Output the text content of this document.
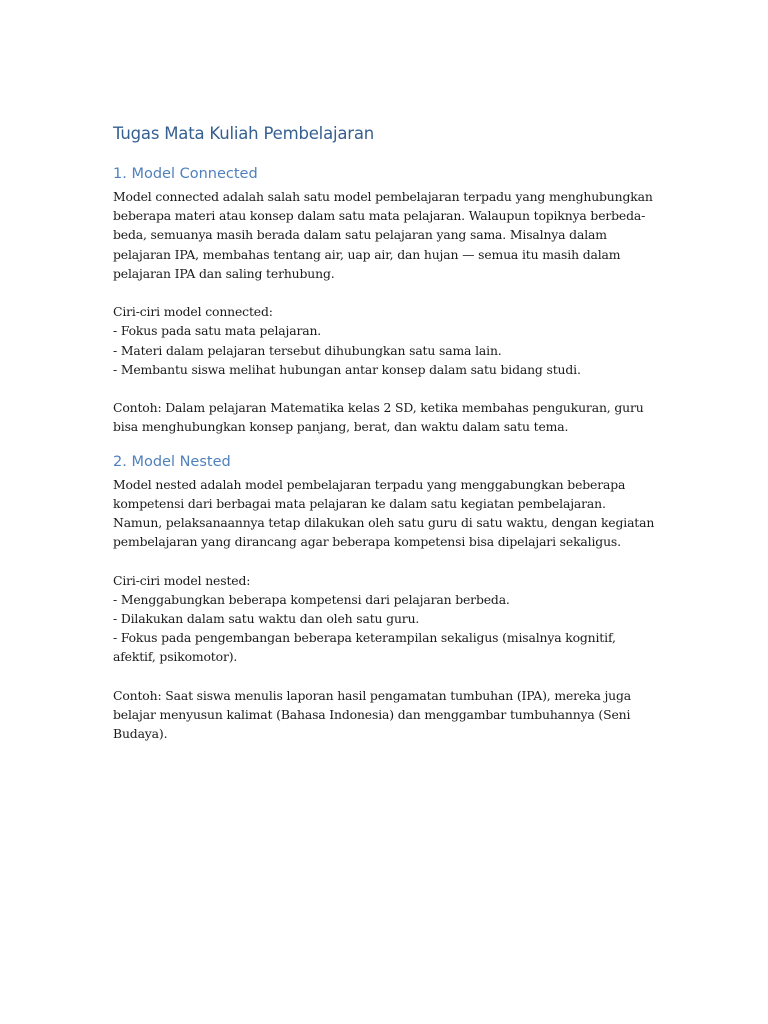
Tugas Mata Kuliah Pembelajaran
1. Model Connected

Model connected adalah salah satu model pembelajaran terpadu yang menghubungkan beberapa materi atau konsep dalam satu mata pelajaran. Walaupun topiknya berbeda-beda, semuanya masih berada dalam satu pelajaran yang sama. Misalnya dalam pelajaran IPA, membahas tentang air, uap air, dan hujan — semua itu masih dalam pelajaran IPA dan saling terhubung.

Ciri-ciri model connected:
- Fokus pada satu mata pelajaran.
- Materi dalam pelajaran tersebut dihubungkan satu sama lain.
- Membantu siswa melihat hubungan antar konsep dalam satu bidang studi.

Contoh: Dalam pelajaran Matematika kelas 2 SD, ketika membahas pengukuran, guru bisa menghubungkan konsep panjang, berat, dan waktu dalam satu tema.

2. Model Nested

Model nested adalah model pembelajaran terpadu yang menggabungkan beberapa kompetensi dari berbagai mata pelajaran ke dalam satu kegiatan pembelajaran. Namun, pelaksanaannya tetap dilakukan oleh satu guru di satu waktu, dengan kegiatan pembelajaran yang dirancang agar beberapa kompetensi bisa dipelajari sekaligus.

Ciri-ciri model nested:
- Menggabungkan beberapa kompetensi dari pelajaran berbeda.
- Dilakukan dalam satu waktu dan oleh satu guru.
- Fokus pada pengembangan beberapa keterampilan sekaligus (misalnya kognitif, afektif, psikomotor).

Contoh: Saat siswa menulis laporan hasil pengamatan tumbuhan (IPA), mereka juga belajar menyusun kalimat (Bahasa Indonesia) dan menggambar tumbuhannya (Seni Budaya).
